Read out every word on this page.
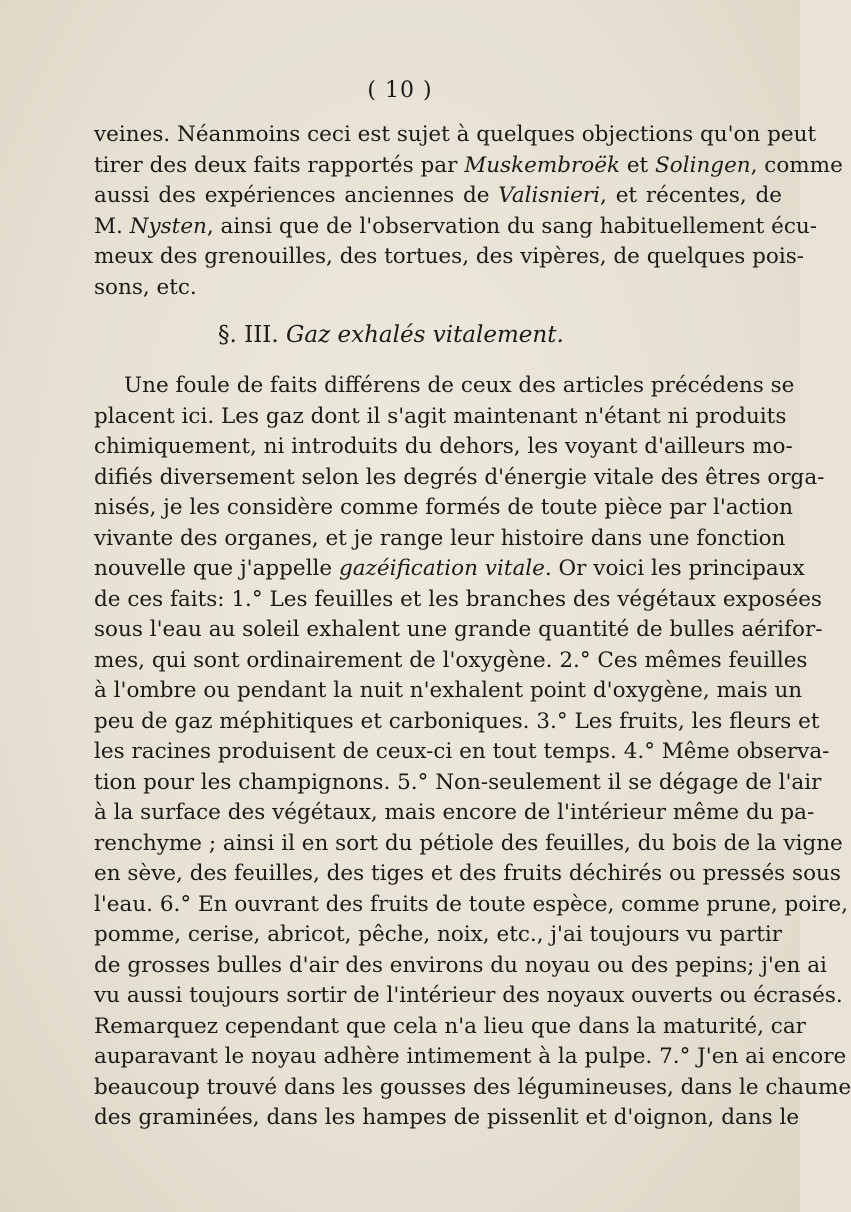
( 10 )
veines. Néanmoins ceci est sujet à quelques objections qu'on peut
tirer des deux faits rapportés par Muskembroëk et Solingen, comme
aussi des expériences anciennes de Valisnieri, et récentes, de
M. Nysten, ainsi que de l'observation du sang habituellement écu-
meux des grenouilles, des tortues, des vipères, de quelques pois-
sons, etc.
§. III. Gaz exhalés vitalement.
Une foule de faits différens de ceux des articles précédens se
placent ici. Les gaz dont il s'agit maintenant n'étant ni produits
chimiquement, ni introduits du dehors, les voyant d'ailleurs mo-
difiés diversement selon les degrés d'énergie vitale des êtres orga-
nisés, je les considère comme formés de toute pièce par l'action
vivante des organes, et je range leur histoire dans une fonction
nouvelle que j'appelle gazéification vitale. Or voici les principaux
de ces faits: 1.° Les feuilles et les branches des végétaux exposées
sous l'eau au soleil exhalent une grande quantité de bulles aérifor-
mes, qui sont ordinairement de l'oxygène. 2.° Ces mêmes feuilles
à l'ombre ou pendant la nuit n'exhalent point d'oxygène, mais un
peu de gaz méphitiques et carboniques. 3.° Les fruits, les fleurs et
les racines produisent de ceux-ci en tout temps. 4.° Même observa-
tion pour les champignons. 5.° Non-seulement il se dégage de l'air
à la surface des végétaux, mais encore de l'intérieur même du pa-
renchyme ; ainsi il en sort du pétiole des feuilles, du bois de la vigne
en sève, des feuilles, des tiges et des fruits déchirés ou pressés sous
l'eau. 6.° En ouvrant des fruits de toute espèce, comme prune, poire,
pomme, cerise, abricot, pêche, noix, etc., j'ai toujours vu partir
de grosses bulles d'air des environs du noyau ou des pepins; j'en ai
vu aussi toujours sortir de l'intérieur des noyaux ouverts ou écrasés.
Remarquez cependant que cela n'a lieu que dans la maturité, car
auparavant le noyau adhère intimement à la pulpe. 7.° J'en ai encore
beaucoup trouvé dans les gousses des légumineuses, dans le chaume
des graminées, dans les hampes de pissenlit et d'oignon, dans le
